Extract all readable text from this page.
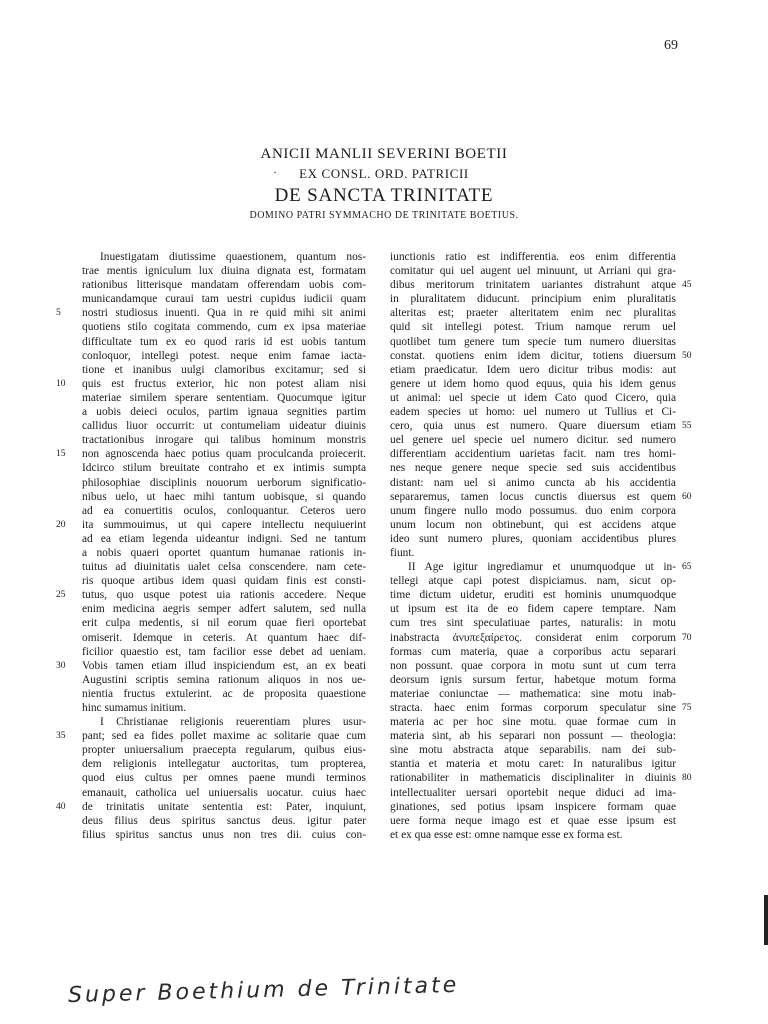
69
ANICII MANLII SEVERINI BOETII
·	EX CONSL. ORD. PATRICII
DE SANCTA TRINITATE
DOMINO PATRI SYMMACHO DE TRINITATE BOETIUS.
Inuestigatam diutissime quaestionem, quantum nos-
trae mentis igniculum lux diuina dignata est, formatam
rationibus litterisque mandatam offerendam uobis com-
municandamque curaui tam uestri cupidus iudicii quam
nostri studiosus inuenti. Qua in re quid mihi sit animi
5
quotiens stilo cogitata commendo, cum ex ipsa materiae
difficultate tum ex eo quod raris id est uobis tantum
conloquor, intellegi potest. neque enim famae iacta-
tione et inanibus uulgi clamoribus excitamur; sed si
quis est fructus exterior, hic non potest aliam nisi
10
materiae similem sperare sententiam. Quocumque igitur
a uobis deieci oculos, partim ignaua segnities partim
callidus liuor occurrit: ut contumeliam uideatur diuinis
tractationibus inrogare qui talibus hominum monstris
non agnoscenda haec potius quam proculcanda proiecerit.
15
Idcirco stilum breuitate contraho et ex intimis sumpta
philosophiae disciplinis nouorum uerborum significatio-
nibus uelo, ut haec mihi tantum uobisque, si quando
ad ea conuertitis oculos, conloquantur. Ceteros uero
ita summouimus, ut qui capere intellectu nequiuerint
20
ad ea etiam legenda uideantur indigni. Sed ne tantum
a nobis quaeri oportet quantum humanae rationis in-
tuitus ad diuinitatis ualet celsa conscendere. nam cete-
ris quoque artibus idem quasi quidam finis est consti-
tutus, quo usque potest uia rationis accedere. Neque
25
enim medicina aegris semper adfert salutem, sed nulla
erit culpa medentis, si nil eorum quae fieri oportebat
omiserit. Idemque in ceteris. At quantum haec dif-
ficilior quaestio est, tam facilior esse debet ad ueniam.
Vobis tamen etiam illud inspiciendum est, an ex beati
30
Augustini scriptis semina rationum aliquos in nos ue-
nientia fructus extulerint. ac de proposita quaestione
hinc sumamus initium.
I Christianae religionis reuerentiam plures usur-
pant; sed ea fides pollet maxime ac solitarie quae cum
35
propter uniuersalium praecepta regularum, quibus eius-
dem religionis intellegatur auctoritas, tum propterea,
quod eius cultus per omnes paene mundi terminos
emanauit, catholica uel uniuersalis uocatur. cuius haec
de trinitatis unitate sententia est: Pater, inquiunt,
40
deus filius deus spiritus sanctus deus. igitur pater
filius spiritus sanctus unus non tres dii. cuius con-
iunctionis ratio est indifferentia. eos enim differentia
comitatur qui uel augent uel minuunt, ut Arriani qui gra-
dibus meritorum trinitatem uariantes distrahunt atque 45
in pluralitatem diducunt. principium enim pluralitatis
alteritas est; praeter alteritatem enim nec pluralitas
quid sit intellegi potest. Trium namque rerum uel
quotlibet tum genere tum specie tum numero diuersitas
constat. quotiens enim idem dicitur, totiens diuersum 50
etiam praedicatur. Idem uero dicitur tribus modis: aut
genere ut idem homo quod equus, quia his idem genus
ut animal: uel specie ut idem Cato quod Cicero, quia
eadem species ut homo: uel numero ut Tullius et Ci-
cero, quia unus est numero. Quare diuersum etiam 55
uel genere uel specie uel numero dicitur. sed numero
differentiam accidentium uarietas facit. nam tres homi-
nes neque genere neque specie sed suis accidentibus
distant: nam uel si animo cuncta ab his accidentia
separaremus, tamen locus cunctis diuersus est quem 60
unum fingere nullo modo possumus. duo enim corpora
unum locum non obtinebunt, qui est accidens atque
ideo sunt numero plures, quoniam accidentibus plures
fiunt.
II Age igitur ingrediamur et unumquodque ut in- 65
tellegi atque capi potest dispiciamus. nam, sicut op-
time dictum uidetur, eruditi est hominis unumquodque
ut ipsum est ita de eo fidem capere temptare. Nam
cum tres sint speculatiuae partes, naturalis: in motu
inabstracta ἀνυπεξαίρετος. considerat enim corporum 70
formas cum materia, quae a corporibus actu separari
non possunt. quae corpora in motu sunt ut cum terra
deorsum ignis sursum fertur, habetque motum forma
materiae coniunctae — mathematica: sine motu inab-
stracta. haec enim formas corporum speculatur sine 75
materia ac per hoc sine motu. quae formae cum in
materia sint, ab his separari non possunt — theologia:
sine motu abstracta atque separabilis. nam dei sub-
stantia et materia et motu caret: In naturalibus igitur
rationabiliter in mathematicis disciplinaliter in diuinis 80
intellectualiter uersari oportebit neque diduci ad ima-
ginationes, sed potius ipsam inspicere formam quae
uere forma neque imago est et quae esse ipsum est
et ex qua esse est: omne namque esse ex forma est.
Super Boethium de Trinitate
